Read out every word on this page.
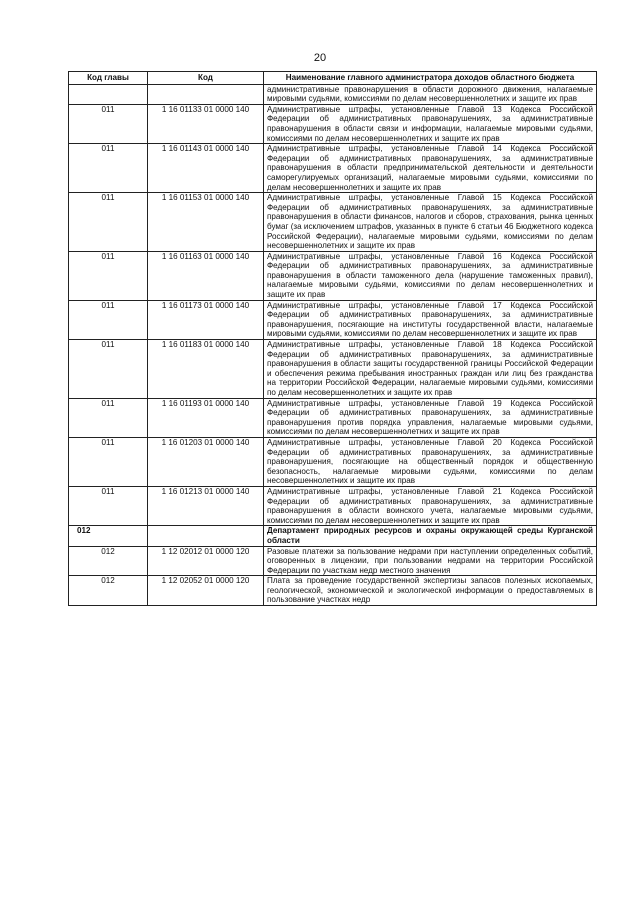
20
Код главы	Код	Наименование главного администратора доходов областного бюджета
		административные правонарушения в области дорожного движения, налагаемые мировыми судьями, комиссиями по делам несовершеннолетних и защите их прав
011	1 16 01133 01 0000 140	Административные штрафы, установленные Главой 13 Кодекса Российской Федерации об административных правонарушениях, за административные правонарушения в области связи и информации, налагаемые мировыми судьями, комиссиями по делам несовершеннолетних и защите их прав
011	1 16 01143 01 0000 140	Административные штрафы, установленные Главой 14 Кодекса Российской Федерации об административных правонарушениях, за административные правонарушения в области предпринимательской деятельности и деятельности саморегулируемых организаций, налагаемые мировыми судьями, комиссиями по делам несовершеннолетних и защите их прав
011	1 16 01153 01 0000 140	Административные штрафы, установленные Главой 15 Кодекса Российской Федерации об административных правонарушениях, за административные правонарушения в области финансов, налогов и сборов, страхования, рынка ценных бумаг (за исключением штрафов, указанных в пункте 6 статьи 46 Бюджетного кодекса Российской Федерации), налагаемые мировыми судьями, комиссиями по делам несовершеннолетних и защите их прав
011	1 16 01163 01 0000 140	Административные штрафы, установленные Главой 16 Кодекса Российской Федерации об административных правонарушениях, за административные правонарушения в области таможенного дела (нарушение таможенных правил), налагаемые мировыми судьями, комиссиями по делам несовершеннолетних и защите их прав
011	1 16 01173 01 0000 140	Административные штрафы, установленные Главой 17 Кодекса Российской Федерации об административных правонарушениях, за административные правонарушения, посягающие на институты государственной власти, налагаемые мировыми судьями, комиссиями по делам несовершеннолетних и защите их прав
011	1 16 01183 01 0000 140	Административные штрафы, установленные Главой 18 Кодекса Российской Федерации об административных правонарушениях, за административные правонарушения в области защиты государственной границы Российской Федерации и обеспечения режима пребывания иностранных граждан или лиц без гражданства на территории Российской Федерации, налагаемые мировыми судьями, комиссиями по делам несовершеннолетних и защите их прав
011	1 16 01193 01 0000 140	Административные штрафы, установленные Главой 19 Кодекса Российской Федерации об административных правонарушениях, за административные правонарушения против порядка управления, налагаемые мировыми судьями, комиссиями по делам несовершеннолетних и защите их прав
011	1 16 01203 01 0000 140	Административные штрафы, установленные Главой 20 Кодекса Российской Федерации об административных правонарушениях, за административные правонарушения, посягающие на общественный порядок и общественную безопасность, налагаемые мировыми судьями, комиссиями по делам несовершеннолетних и защите их прав
011	1 16 01213 01 0000 140	Административные штрафы, установленные Главой 21 Кодекса Российской Федерации об административных правонарушениях, за административные правонарушения в области воинского учета, налагаемые мировыми судьями, комиссиями по делам несовершеннолетних и защите их прав
012		Департамент природных ресурсов и охраны окружающей среды Курганской области
012	1 12 02012 01 0000 120	Разовые платежи за пользование недрами при наступлении определенных событий, оговоренных в лицензии, при пользовании недрами на территории Российской Федерации по участкам недр местного значения
012	1 12 02052 01 0000 120	Плата за проведение государственной экспертизы запасов полезных ископаемых, геологической, экономической и экологической информации о предоставляемых в пользование участках недр
